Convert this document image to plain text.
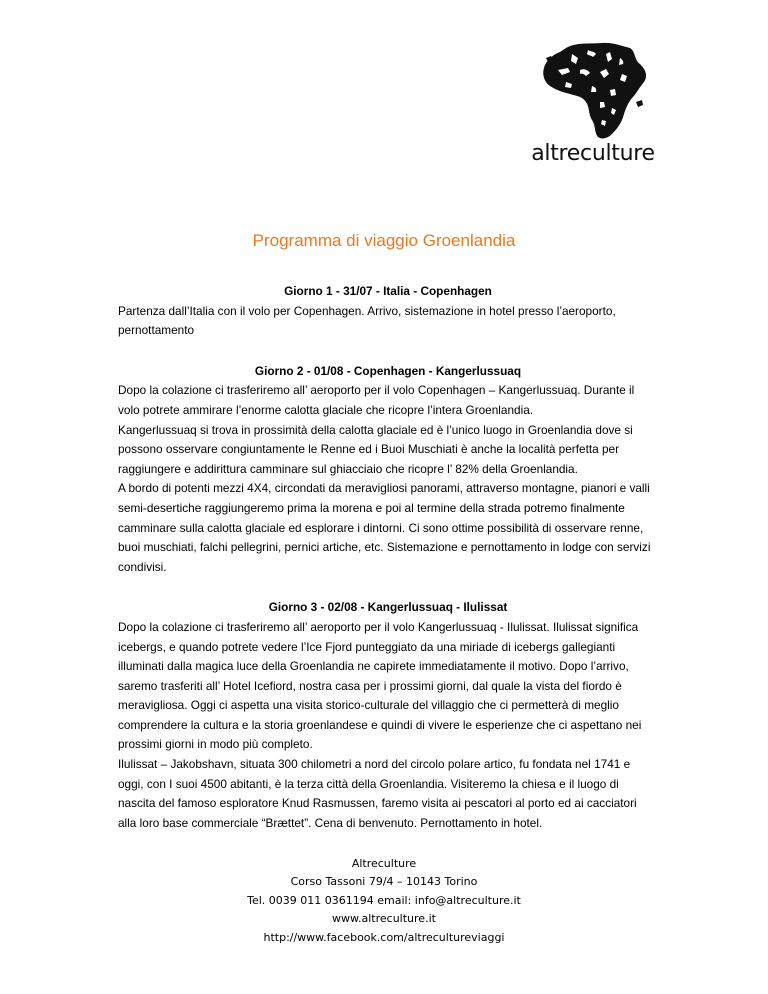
altreculture
Programma di viaggio Groenlandia

Giorno 1 - 31/07 - Italia - Copenhagen

Partenza dall’Italia con il volo per Copenhagen. Arrivo, sistemazione in hotel presso l’aeroporto, pernottamento

Giorno 2 - 01/08 - Copenhagen - Kangerlussuaq

Dopo la colazione ci trasferiremo all’ aeroporto per il volo Copenhagen – Kangerlussuaq. Durante il volo potrete ammirare l’enorme calotta glaciale che ricopre l’intera Groenlandia.

Kangerlussuaq si trova in prossimità della calotta glaciale ed è l’unico luogo in Groenlandia dove si possono osservare congiuntamente le Renne ed i Buoi Muschiati è anche la località perfetta per raggiungere e addirittura camminare sul ghiacciaio che ricopre l’ 82% della Groenlandia.

A bordo di potenti mezzi 4X4, circondati da meravigliosi panorami, attraverso montagne, pianori e valli semi-desertiche raggiungeremo prima la morena e poi al termine della strada potremo finalmente camminare sulla calotta glaciale ed esplorare i dintorni. Ci sono ottime possibilità di osservare renne, buoi muschiati, falchi pellegrini, pernici artiche, etc. Sistemazione e pernottamento in lodge con servizi condivisi.

Giorno 3 - 02/08 - Kangerlussuaq - Ilulissat

Dopo la colazione ci trasferiremo all’ aeroporto per il volo Kangerlussuaq - Ilulissat. Ilulissat significa icebergs, e quando potrete vedere l’Ice Fjord punteggiato da una miriade di icebergs gallegianti illuminati dalla magica luce della Groenlandia ne capirete immediatamente il motivo. Dopo l’arrivo, saremo trasferiti all’ Hotel Icefiord, nostra casa per i prossimi giorni, dal quale la vista del fiordo è meravigliosa. Oggi ci aspetta una visita storico-culturale del villaggio che ci permetterà di meglio comprendere la cultura e la storia groenlandese e quindi di vivere le esperienze che ci aspettano nei prossimi giorni in modo più completo.

Ilulissat – Jakobshavn, situata 300 chilometri a nord del circolo polare artico, fu fondata nel 1741 e oggi, con I suoi 4500 abitanti, è la terza città della Groenlandia. Visiteremo la chiesa e il luogo di nascita del famoso esploratore Knud Rasmussen, faremo visita ai pescatori al porto ed ai cacciatori alla loro base commerciale “Brættet”. Cena di benvenuto. Pernottamento in hotel.

Altreculture
Corso Tassoni 79/4 – 10143 Torino
Tel. 0039 011 0361194 email: info@altreculture.it
www.altreculture.it
http://www.facebook.com/altrecultureviaggi
